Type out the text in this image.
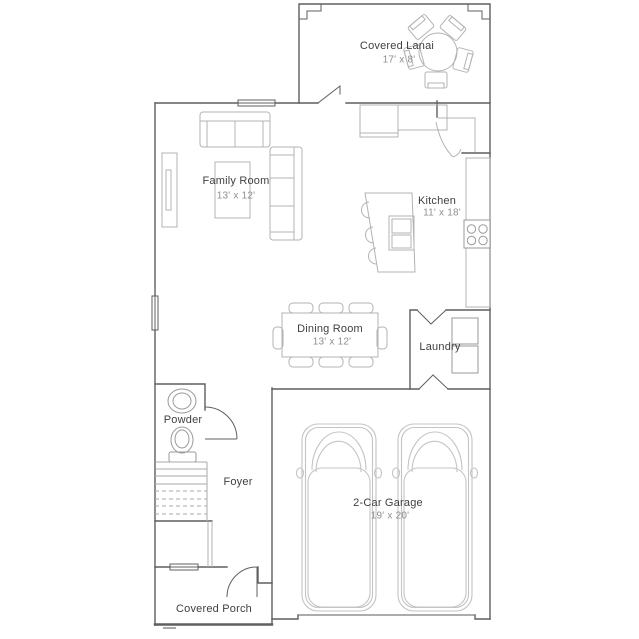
Covered Lanai
17' x 8'
Family Room
13' x 12'	Kitchen
11' x 18'
Dining Room
13' x 12'	Laundry
Powder
Foyer
2-Car Garage
19' x 20'
Covered Porch
